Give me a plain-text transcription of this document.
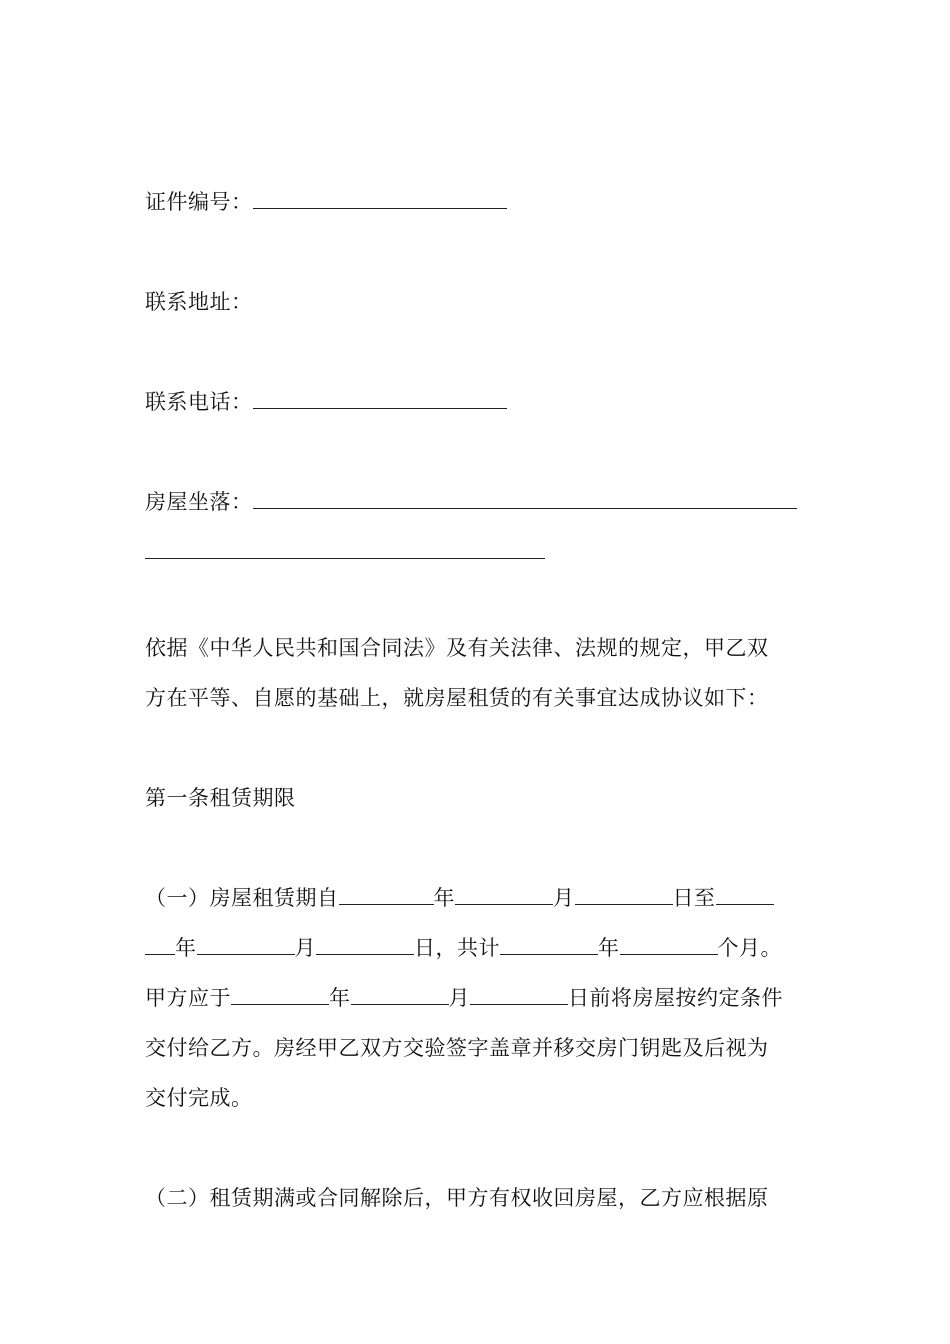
证件编号：
联系地址：
联系电话：
房屋坐落：
依据《中华人民共和国合同法》及有关法律、法规的规定，甲乙双
方在平等、自愿的基础上，就房屋租赁的有关事宜达成协议如下：
第一条租赁期限
（一）房屋租赁期自	年	月	日至
年	月	日，共计	年	个月。
甲方应于	年	月	日前将房屋按约定条件
交付给乙方。房经甲乙双方交验签字盖章并移交房门钥匙及后视为
交付完成。
（二）租赁期满或合同解除后，甲方有权收回房屋，乙方应根据原
